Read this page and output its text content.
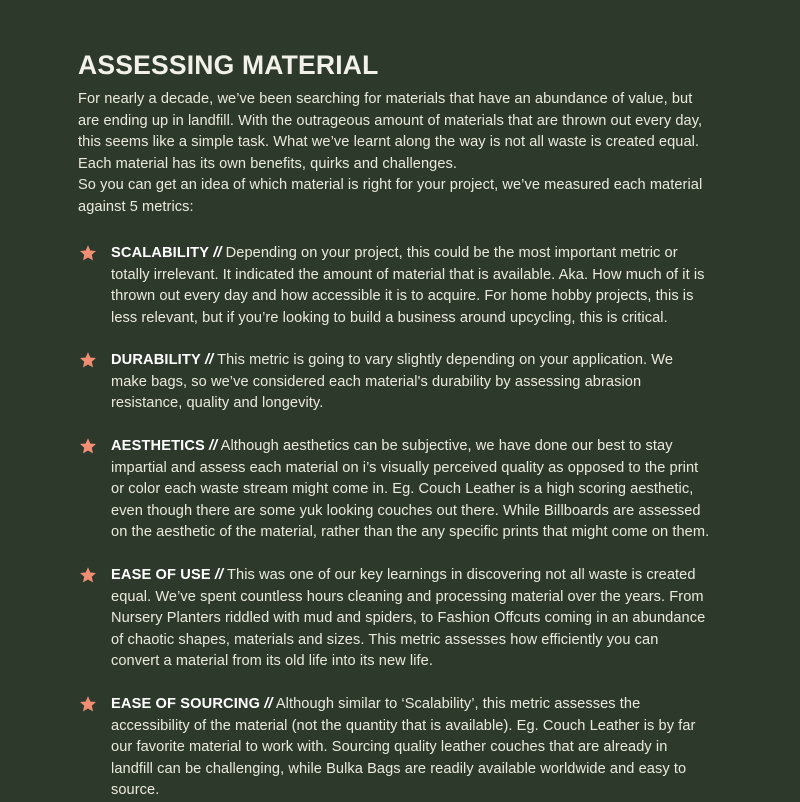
ASSESSING MATERIAL

For nearly a decade, we’ve been searching for materials that have an abundance of value, but are ending up in landfill. With the outrageous amount of materials that are thrown out every day, this seems like a simple task. What we’ve learnt along the way is not all waste is created equal. Each material has its own benefits, quirks and challenges.

So you can get an idea of which material is right for your project, we’ve measured each material against 5 metrics:

SCALABILITY // Depending on your project, this could be the most important metric or totally irrelevant. It indicated the amount of material that is available. Aka. How much of it is thrown out every day and how accessible it is to acquire. For home hobby projects, this is less relevant, but if you’re looking to build a business around upcycling, this is critical.

DURABILITY // This metric is going to vary slightly depending on your application. We make bags, so we’ve considered each material's durability by assessing abrasion resistance, quality and longevity.

AESTHETICS // Although aesthetics can be subjective, we have done our best to stay impartial and assess each material on i’s visually perceived quality as opposed to the print or color each waste stream might come in. Eg. Couch Leather is a high scoring aesthetic, even though there are some yuk looking couches out there. While Billboards are assessed on the aesthetic of the material, rather than the any specific prints that might come on them.

EASE OF USE // This was one of our key learnings in discovering not all waste is created equal. We’ve spent countless hours cleaning and processing material over the years. From Nursery Planters riddled with mud and spiders, to Fashion Offcuts coming in an abundance of chaotic shapes, materials and sizes. This metric assesses how efficiently you can convert a material from its old life into its new life.

EASE OF SOURCING // Although similar to ‘Scalability’, this metric assesses the accessibility of the material (not the quantity that is available). Eg. Couch Leather is by far our favorite material to work with. Sourcing quality leather couches that are already in landfill can be challenging, while Bulka Bags are readily available worldwide and easy to source.
